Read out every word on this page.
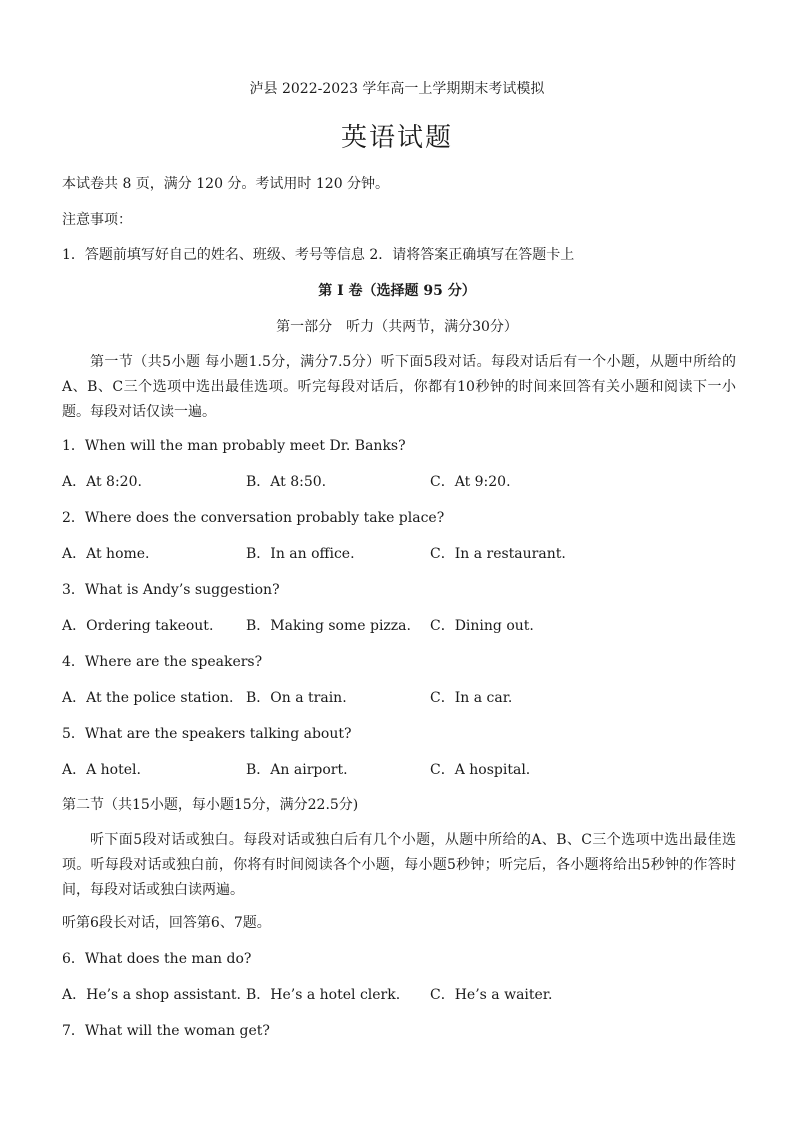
泸县 2022-2023 学年高一上学期期末考试模拟
英语试题
本试卷共 8 页，满分 120 分。考试用时 120 分钟。
注意事项：
1．答题前填写好自己的姓名、班级、考号等信息 2．请将答案正确填写在答题卡上
第 I 卷（选择题 95 分）
第一部分　听力（共两节，满分30分）
第一节（共5小题 每小题1.5分，满分7.5分）听下面5段对话。每段对话后有一个小题，从题中所给的A、B、C三个选项中选出最佳选项。听完每段对话后，你都有10秒钟的时间来回答有关小题和阅读下一小题。每段对话仅读一遍。
1．When will the man probably meet Dr. Banks?
A．At 8:20.	B．At 8:50.	C．At 9:20.
2．Where does the conversation probably take place?
A．At home.	B．In an office.	C．In a restaurant.
3．What is Andy’s suggestion?
A．Ordering takeout. B．Making some pizza. C．Dining out.
4．Where are the speakers?
A．At the police station. B．On a train.	C．In a car.
5．What are the speakers talking about?
A．A hotel.	B．An airport.	C．A hospital.
第二节（共15小题，每小题15分，满分22.5分)
听下面5段对话或独白。每段对话或独白后有几个小题，从题中所给的A、B、C三个选项中选出最佳选项。听每段对话或独白前，你将有时间阅读各个小题，每小题5秒钟；听完后，各小题将给出5秒钟的作答时间，每段对话或独白读两遍。
听第6段长对话，回答第6、7题。
6．What does the man do?
A．He’s a shop assistant. B．He’s a hotel clerk. C．He’s a waiter.
7．What will the woman get?
